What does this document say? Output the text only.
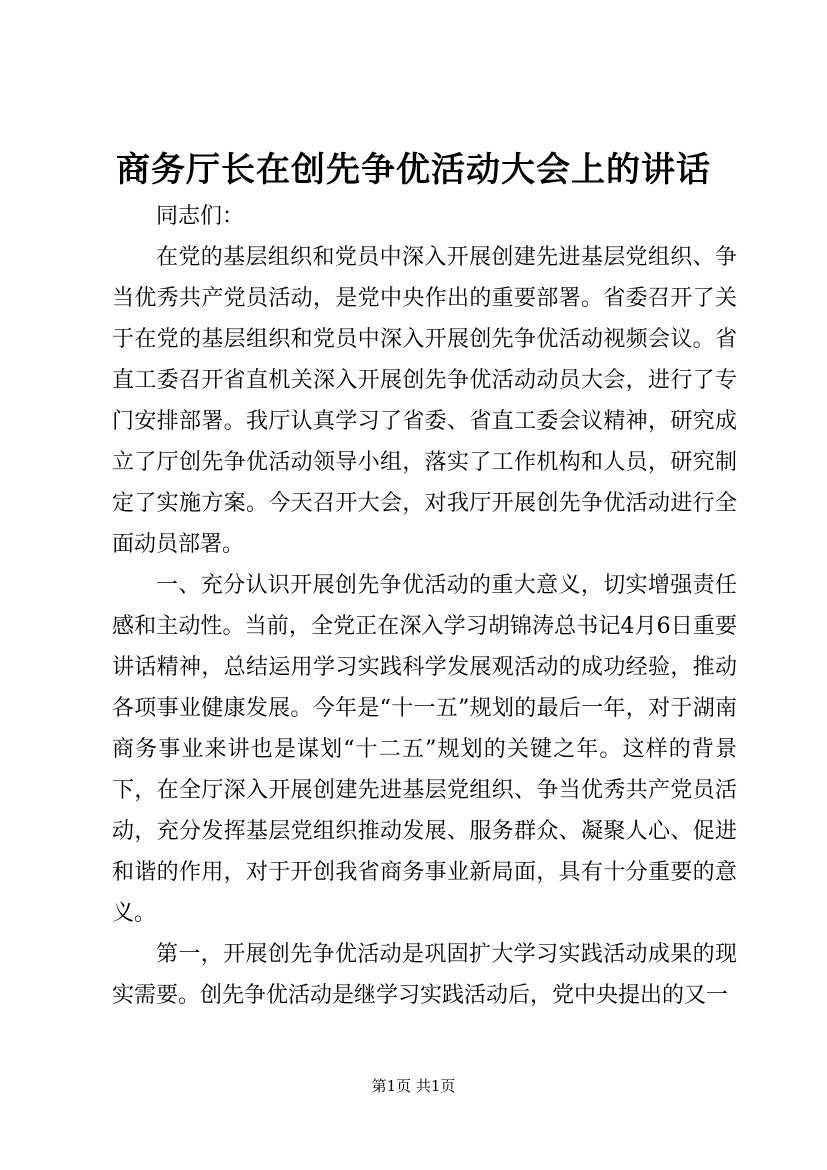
商务厅长在创先争优活动大会上的讲话

同志们：

在党的基层组织和党员中深入开展创建先进基层党组织、争当优秀共产党员活动，是党中央作出的重要部署。省委召开了关于在党的基层组织和党员中深入开展创先争优活动视频会议。省直工委召开省直机关深入开展创先争优活动动员大会，进行了专门安排部署。我厅认真学习了省委、省直工委会议精神，研究成立了厅创先争优活动领导小组，落实了工作机构和人员，研究制定了实施方案。今天召开大会，对我厅开展创先争优活动进行全面动员部署。

一、充分认识开展创先争优活动的重大意义，切实增强责任感和主动性。当前，全党正在深入学习胡锦涛总书记4月6日重要讲话精神，总结运用学习实践科学发展观活动的成功经验，推动各项事业健康发展。今年是“十一五”规划的最后一年，对于湖南商务事业来讲也是谋划“十二五”规划的关键之年。这样的背景下，在全厅深入开展创建先进基层党组织、争当优秀共产党员活动，充分发挥基层党组织推动发展、服务群众、凝聚人心、促进和谐的作用，对于开创我省商务事业新局面，具有十分重要的意义。

第一，开展创先争优活动是巩固扩大学习实践活动成果的现实需要。创先争优活动是继学习实践活动后，党中央提出的又一

第1页 共1页
